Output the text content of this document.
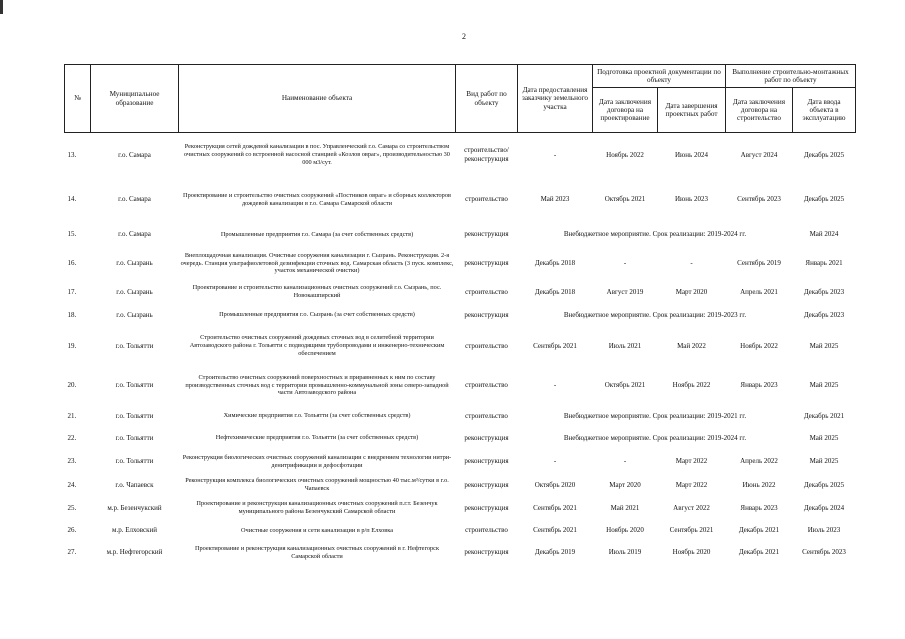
2
№	Муниципальное образование	Наименование объекта	Вид работ по объекту	Дата предоставления заказчику земельного участка	Подготовка проектной документации по объекту		Выполнение строительно-монтажных работ по объекту	
					Дата заключения договора на проектирование	Дата завершения проектных работ	Дата заключения договора на строительство	Дата ввода объекта в эксплуатацию
13.	г.о. Самара	Реконструкция сетей дождевой канализации в пос. Управленческий г.о. Самара со строительством очистных сооружений со встроенной насосной станцией «Козлов овраг», производительностью 30 000 м3/сут.	строительство/реконструкция	-	Ноябрь 2022	Июнь 2024	Август 2024	Декабрь 2025
14.	г.о. Самара	Проектирование и строительство очистных сооружений «Постников овраг» и сборных коллекторов дождевой канализации в г.о. Самара Самарской области	строительство	Май 2023	Октябрь 2021	Июнь 2023	Сентябрь 2023	Декабрь 2025
15.	г.о. Самара	Промышленные предприятия г.о. Самара (за счет собственных средств)	реконструкция	Внебюджетное мероприятие. Срок реализации: 2019-2024 гг.				Май 2024
16.	г.о. Сызрань	Внеплощадочная канализация. Очистные сооружения канализации г. Сызрань. Реконструкция. 2-я очередь. Станция ультрафиолетовой дезинфекции сточных вод. Самарская область (3 пуск. комплекс, участок механической очистки)	реконструкция	Декабрь 2018	-	-	Сентябрь 2019	Январь 2021
17.	г.о. Сызрань	Проектирование и строительство канализационных очистных сооружений г.о. Сызрань, пос. Новокашпирский	строительство	Декабрь 2018	Август 2019	Март 2020	Апрель 2021	Декабрь 2023
18.	г.о. Сызрань	Промышленные предприятия г.о. Сызрань (за счет собственных средств)	реконструкция	Внебюджетное мероприятие. Срок реализации: 2019-2023 гг.				Декабрь 2023
19.	г.о. Тольятти	Строительство очистных сооружений дождевых сточных вод в селитебной территории Автозаводского района г. Тольятти с подводящими трубопроводами и инженерно-техническим обеспечением	строительство	Сентябрь 2021	Июль 2021	Май 2022	Ноябрь 2022	Май 2025
20.	г.о. Тольятти	Строительство очистных сооружений поверхностных и приравненных к ним по составу производственных сточных вод с территории промышленно-коммунальной зоны северо-западной части Автозаводского района	строительство	-	Октябрь 2021	Ноябрь 2022	Январь 2023	Май 2025
21.	г.о. Тольятти	Химические предприятия г.о. Тольятти (за счет собственных средств)	строительство	Внебюджетное мероприятие. Срок реализации: 2019-2021 гг.				Декабрь 2021
22.	г.о. Тольятти	Нефтехимические предприятия г.о. Тольятти (за счет собственных средств)	реконструкция	Внебюджетное мероприятие. Срок реализации: 2019-2024 гг.				Май 2025
23.	г.о. Тольятти	Реконструкция биологических очистных сооружений канализации с внедрением технологии нитри-денитрификации и дефосфотации	реконструкция	-	-	Март 2022	Апрель 2022	Май 2025
24.	г.о. Чапаевск	Реконструкция комплекса биологических очистных сооружений мощностью 40 тыс.м³/сутки в г.о. Чапаевск	реконструкция	Октябрь 2020	Март 2020	Март 2022	Июнь 2022	Декабрь 2025
25.	м.р. Безенчукский	Проектирование и реконструкция канализационных очистных сооружений п.г.т. Безенчук муниципального района Безенчукский Самарской области	реконструкция	Сентябрь 2021	Май 2021	Август 2022	Январь 2023	Декабрь 2024
26.	м.р. Елховский	Очистные сооружения и сети канализации в р/п Елховка	строительство	Сентябрь 2021	Ноябрь 2020	Сентябрь 2021	Декабрь 2021	Июль 2023
27.	м.р. Нефтегорский	Проектирование и реконструкция канализационных очистных сооружений в г. Нефтегорск Самарской области	реконструкция	Декабрь 2019	Июль 2019	Ноябрь 2020	Декабрь 2021	Сентябрь 2023
